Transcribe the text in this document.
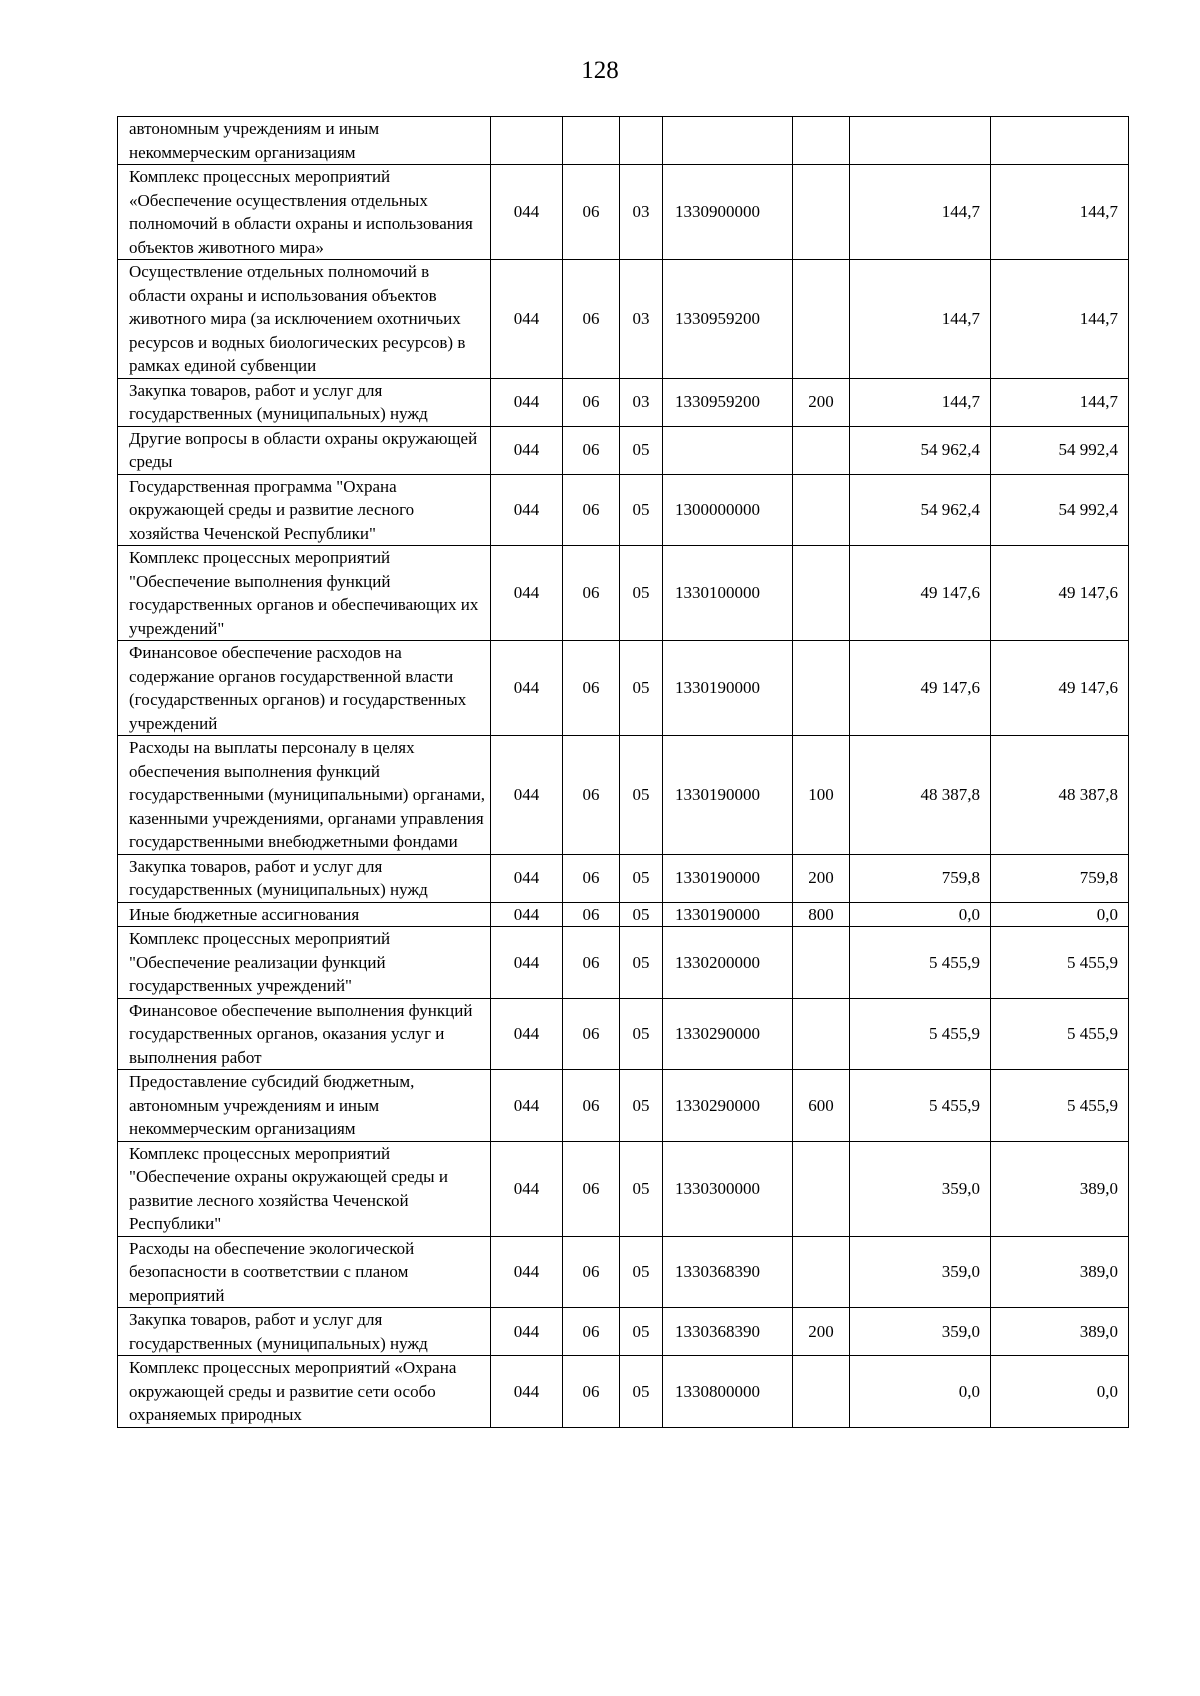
128
автономным учреждениям и иным некоммерческим организациям							
Комплекс процессных мероприятий «Обеспечение осуществления отдельных полномочий в области охраны и использования объектов животного мира»	044	06	03	1330900000		144,7	144,7
Осуществление отдельных полномочий в области охраны и использования объектов животного мира (за исключением охотничьих ресурсов и водных биологических ресурсов) в рамках единой субвенции	044	06	03	1330959200		144,7	144,7
Закупка товаров, работ и услуг для государственных (муниципальных) нужд	044	06	03	1330959200	200	144,7	144,7
Другие вопросы в области охраны окружающей среды	044	06	05			54 962,4	54 992,4
Государственная программа "Охрана окружающей среды и развитие лесного хозяйства Чеченской Республики"	044	06	05	1300000000		54 962,4	54 992,4
Комплекс процессных мероприятий "Обеспечение выполнения функций государственных органов и обеспечивающих их учреждений"	044	06	05	1330100000		49 147,6	49 147,6
Финансовое обеспечение расходов на содержание органов государственной власти (государственных органов) и государственных учреждений	044	06	05	1330190000		49 147,6	49 147,6
Расходы на выплаты персоналу в целях обеспечения выполнения функций государственными (муниципальными) органами, казенными учреждениями, органами управления государственными внебюджетными фондами	044	06	05	1330190000	100	48 387,8	48 387,8
Закупка товаров, работ и услуг для государственных (муниципальных) нужд	044	06	05	1330190000	200	759,8	759,8
Иные бюджетные ассигнования	044	06	05	1330190000	800	0,0	0,0
Комплекс процессных мероприятий "Обеспечение реализации функций государственных учреждений"	044	06	05	1330200000		5 455,9	5 455,9
Финансовое обеспечение выполнения функций государственных органов, оказания услуг и выполнения работ	044	06	05	1330290000		5 455,9	5 455,9
Предоставление субсидий бюджетным, автономным учреждениям и иным некоммерческим организациям	044	06	05	1330290000	600	5 455,9	5 455,9
Комплекс процессных мероприятий "Обеспечение охраны окружающей среды и развитие лесного хозяйства Чеченской Республики"	044	06	05	1330300000		359,0	389,0
Расходы на обеспечение экологической безопасности в соответствии с планом мероприятий	044	06	05	1330368390		359,0	389,0
Закупка товаров, работ и услуг для государственных (муниципальных) нужд	044	06	05	1330368390	200	359,0	389,0
Комплекс процессных мероприятий «Охрана окружающей среды и развитие сети особо охраняемых природных	044	06	05	1330800000		0,0	0,0
